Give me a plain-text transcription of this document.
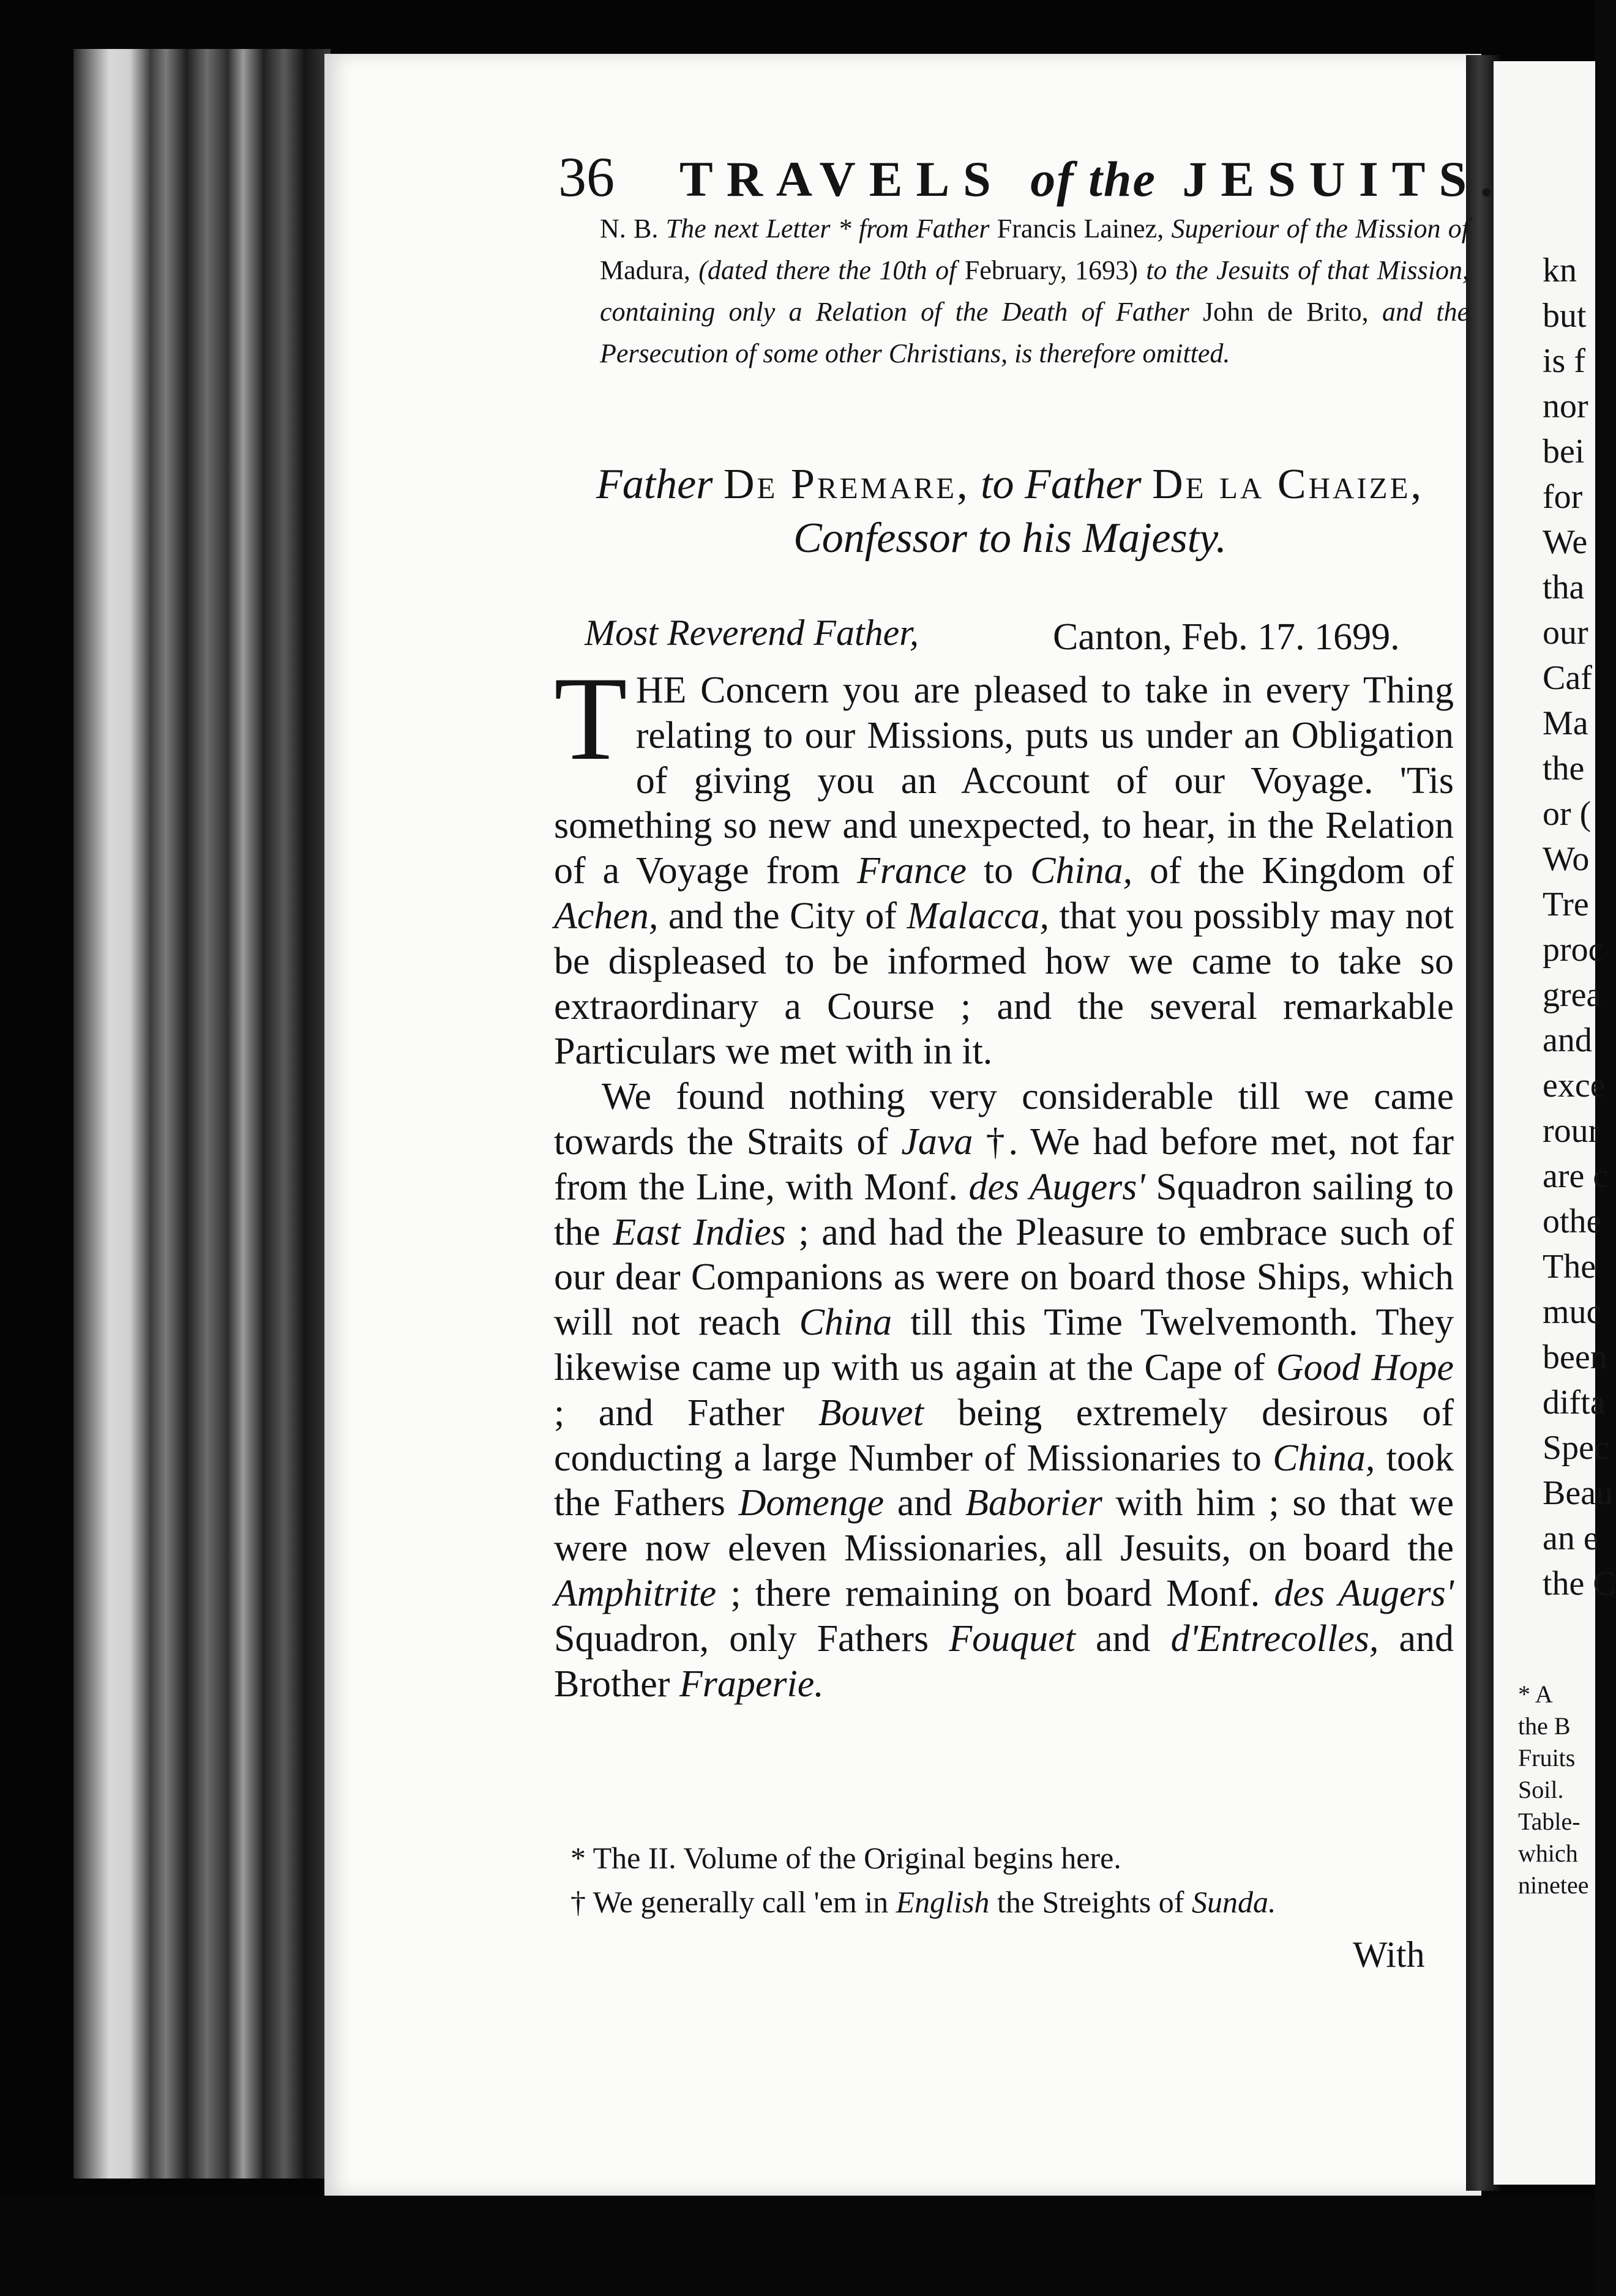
36 TRAVELS of the JESUITS.
N. B. The next Letter * from Father Francis Lainez, Superiour of the Mission of Madura, (dated there the 10th of February, 1693) to the Jesuits of that Mission, containing only a Relation of the Death of Father John de Brito, and the Persecution of some other Christians, is therefore omitted.
Father De Premare, to Father De la Chaize,
Confessor to his Majesty.
Most Reverend Father,	Canton, Feb. 17. 1699.

T HE Concern you are pleased to take in every Thing relating to our Missions, puts us under an Obligation of giving you an Account of our Voyage. 'Tis something so new and unexpected, to hear, in the Relation of a Voyage from France to China, of the Kingdom of Achen, and the City of Malacca, that you possibly may not be displeased to be informed how we came to take so extraordinary a Course ; and the several remarkable Particulars we met with in it.

We found nothing very considerable till we came towards the Straits of Java †. We had before met, not far from the Line, with Monf. des Augers' Squadron sailing to the East Indies ; and had the Pleasure to embrace such of our dear Companions as were on board those Ships, which will not reach China till this Time Twelvemonth. They likewise came up with us again at the Cape of Good Hope ; and Father Bouvet being extremely desirous of conducting a large Number of Missionaries to China, took the Fathers Domenge and Baborier with him ; so that we were now eleven Missionaries, all Jesuits, on board the Amphitrite ; there remaining on board Monf. des Augers' Squadron, only Fathers Fouquet and d'Entrecolles, and Brother Fraperie.

* The II. Volume of the Original begins here.
† We generally call 'em in English the Streights of Sunda.
With
kn
but
is f
nor
bei
for
We
tha
our
Caf
Ma
the
or (
Wo
Tre
proc
grea
and
exce
rour
are c
othe
The
muc
been
difta
Spec
Beau
an e
the C
* A
the B
Fruits
Soil.
Table-
which
ninetee
